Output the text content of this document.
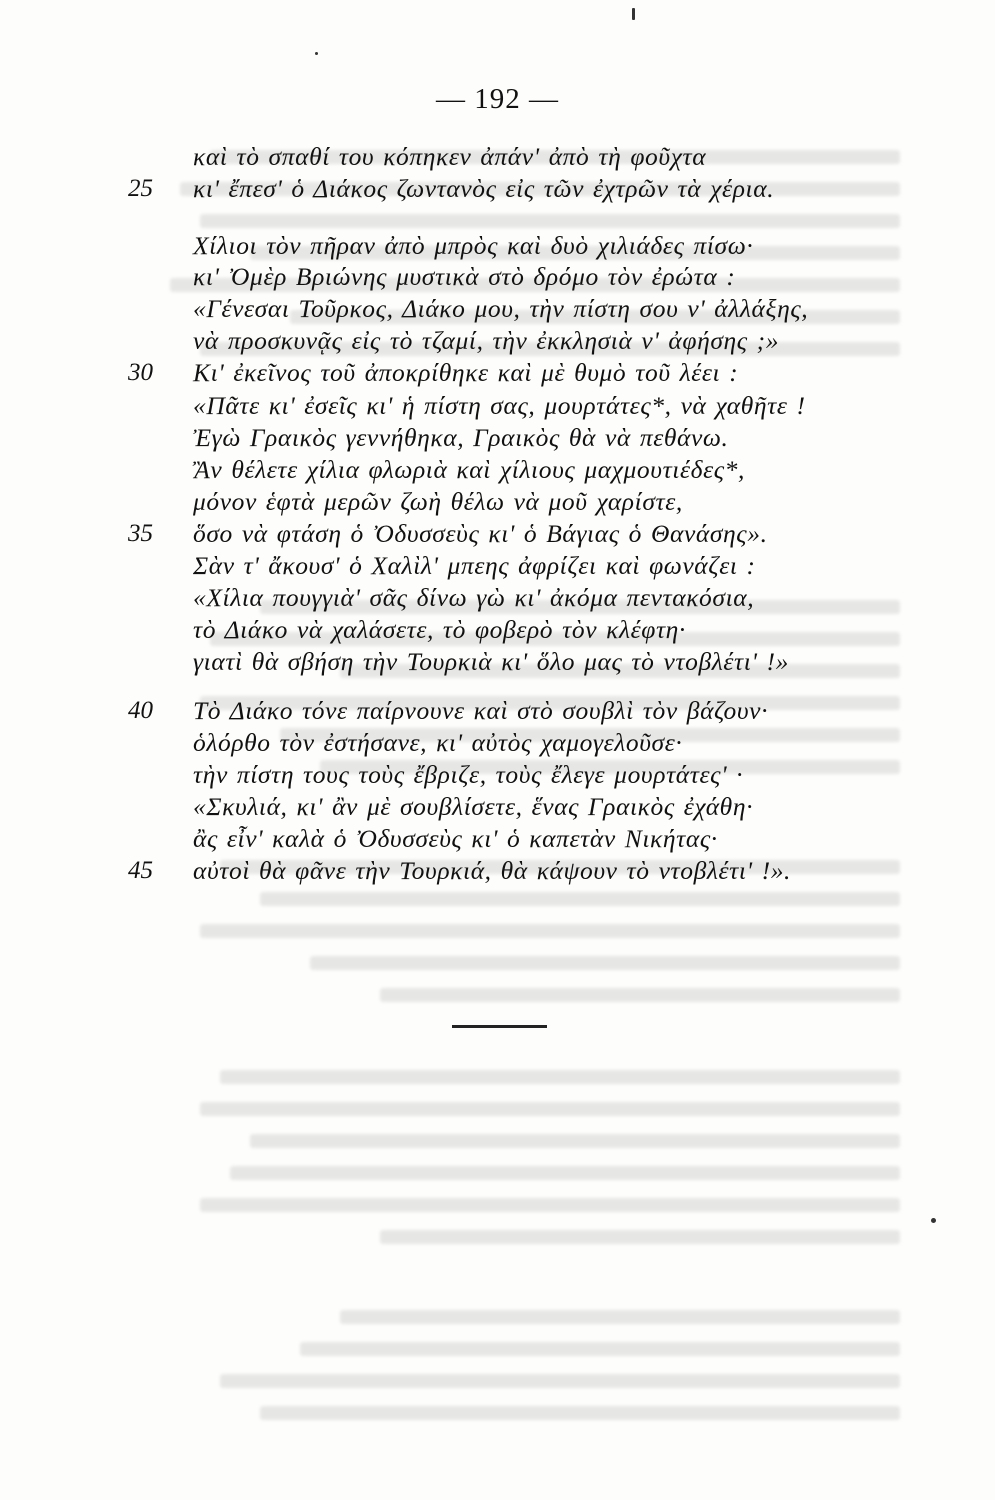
— 192 —
καὶ τὸ σπαθί του κόπηκεν ἀπάν' ἀπὸ τὴ φοῦχτα
25 κι' ἔπεσ' ὁ Διάκος ζωντανὸς εἰς τῶν ἐχτρῶν τὰ χέρια.
Χίλιοι τὸν πῆραν ἀπὸ μπρὸς καὶ δυὸ χιλιάδες πίσω·
κι' Ὀμὲρ Βριώνης μυστικὰ στὸ δρόμο τὸν ἐρώτα :
«Γένεσαι Τοῦρκος, Διάκο μου, τὴν πίστη σου ν' ἀλλάξης,
νὰ προσκυνᾷς εἰς τὸ τζαμί, τὴν ἐκκλησιὰ ν' ἀφήσης ;»
30 Κι' ἐκεῖνος τοῦ ἀποκρίθηκε καὶ μὲ θυμὸ τοῦ λέει :
«Πᾶτε κι' ἐσεῖς κι' ἡ πίστη σας, μουρτάτες*, νὰ χαθῆτε !
Ἐγὼ Γραικὸς γεννήθηκα, Γραικὸς θὰ νὰ πεθάνω.
Ἂν θέλετε χίλια φλωριὰ καὶ χίλιους μαχμουτιέδες*,
μόνον ἑφτὰ μερῶν ζωὴ θέλω νὰ μοῦ χαρίστε,
35 ὅσο νὰ φτάση ὁ Ὀδυσσεὺς κι' ὁ Βάγιας ὁ Θανάσης».
Σὰν τ' ἄκουσ' ὁ Χαλὶλ' μπεης ἀφρίζει καὶ φωνάζει :
«Χίλια πουγγιὰ' σᾶς δίνω γὼ κι' ἀκόμα πεντακόσια,
τὸ Διάκο νὰ χαλάσετε, τὸ φοβερὸ τὸν κλέφτη·
γιατὶ θὰ σβήση τὴν Τουρκιὰ κι' ὅλο μας τὸ ντοβλέτι' !»
40 Τὸ Διάκο τόνε παίρνουνε καὶ στὸ σουβλὶ τὸν βάζουν·
ὁλόρθο τὸν ἐστήσανε, κι' αὐτὸς χαμογελοῦσε·
τὴν πίστη τους τοὺς ἔβριζε, τοὺς ἔλεγε μουρτάτες' ·
«Σκυλιά, κι' ἂν μὲ σουβλίσετε, ἕνας Γραικὸς ἐχάθη·
ἂς εἶν' καλὰ ὁ Ὀδυσσεὺς κι' ὁ καπετὰν Νικήτας·
45 αὐτοὶ θὰ φᾶνε τὴν Τουρκιά, θὰ κάψουν τὸ ντοβλέτι' !».
